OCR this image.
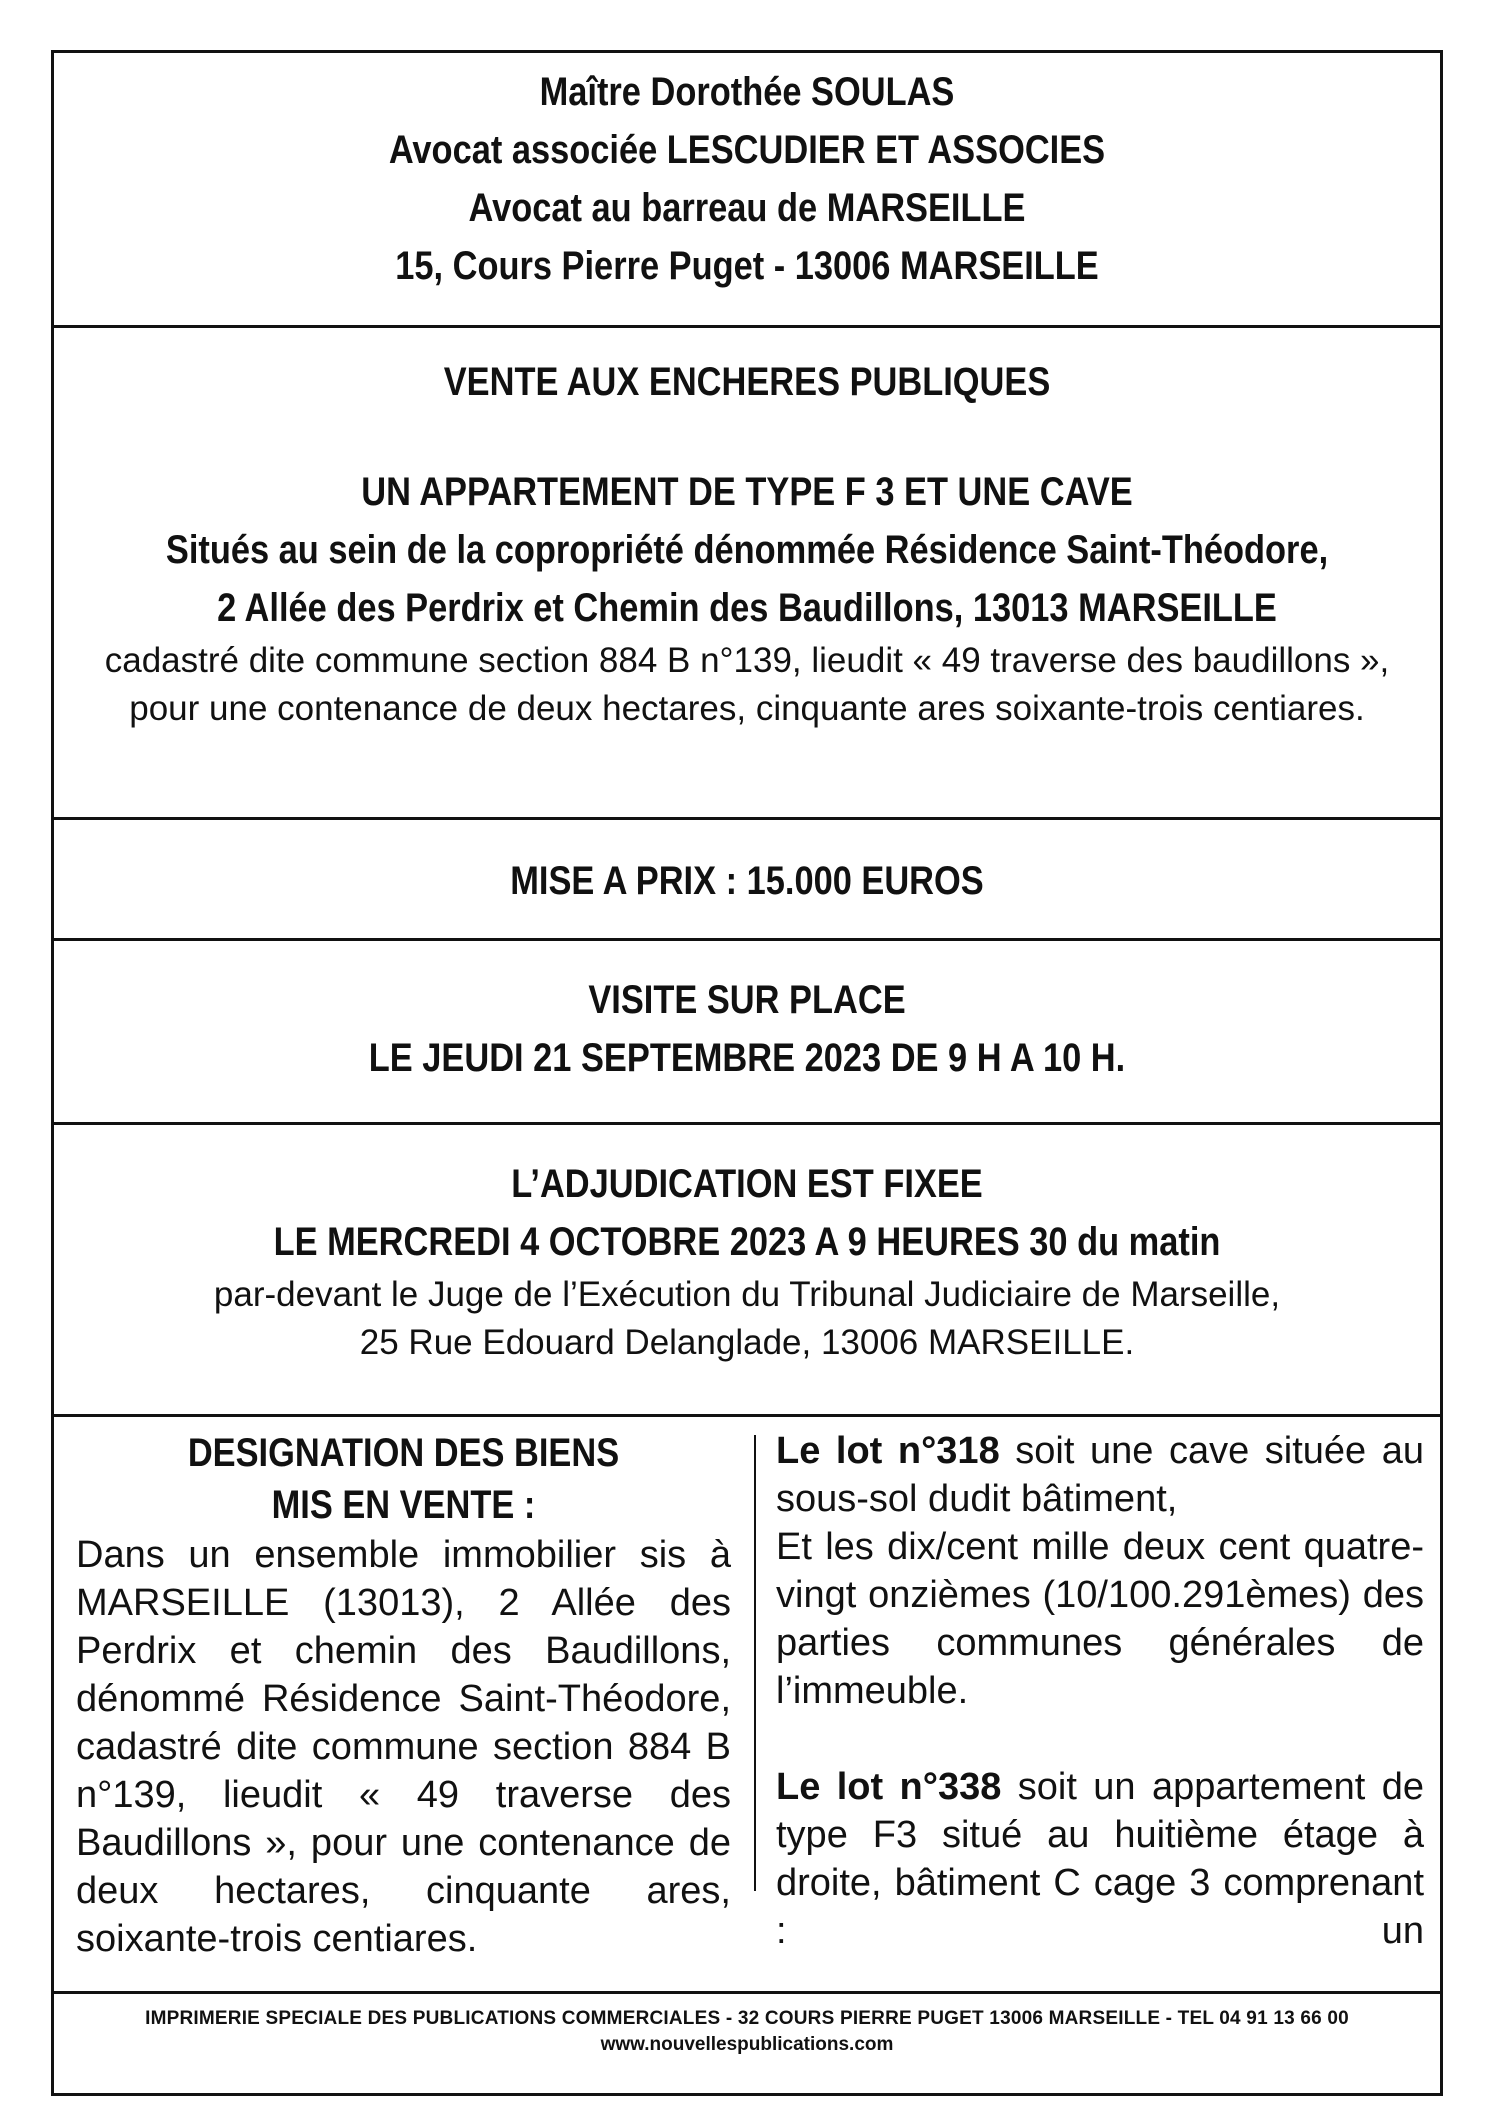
Maître Dorothée SOULAS
Avocat associée LESCUDIER ET ASSOCIES
Avocat au barreau de MARSEILLE
15, Cours Pierre Puget - 13006 MARSEILLE
VENTE AUX ENCHERES PUBLIQUES
UN APPARTEMENT DE TYPE F 3 ET UNE CAVE
Situés au sein de la copropriété dénommée Résidence Saint-Théodore,
2 Allée des Perdrix et Chemin des Baudillons, 13013 MARSEILLE
cadastré dite commune section 884 B n°139, lieudit « 49 traverse des baudillons »,
pour une contenance de deux hectares, cinquante ares soixante-trois centiares.
MISE A PRIX : 15.000 EUROS
VISITE SUR PLACE
LE JEUDI 21 SEPTEMBRE 2023 DE 9 H A 10 H.
L’ADJUDICATION EST FIXEE
LE MERCREDI 4 OCTOBRE 2023 A 9 HEURES 30 du matin
par-devant le Juge de l’Exécution du Tribunal Judiciaire de Marseille,
25 Rue Edouard Delanglade, 13006 MARSEILLE.
DESIGNATION DES BIENS
MIS EN VENTE :

Dans un ensemble immobilier sis à MARSEILLE (13013), 2 Allée des Perdrix et chemin des Baudillons, dénommé Résidence Saint-Théodore, cadastré dite commune section 884 B n°139, lieudit « 49 traverse des Baudillons », pour une contenance de deux hectares, cinquante ares, soixante-trois centiares.

Le lot n°318 soit une cave située au sous-sol dudit bâtiment,

Et les dix/cent mille deux cent quatre-vingt onzièmes (10/100.291èmes) des parties communes générales de l’immeuble.

Le lot n°338 soit un appartement de type F3 situé au huitième étage à droite, bâtiment C cage 3 comprenant : un

IMPRIMERIE SPECIALE DES PUBLICATIONS COMMERCIALES - 32 COURS PIERRE PUGET 13006 MARSEILLE - TEL 04 91 13 66 00
www.nouvellespublications.com
